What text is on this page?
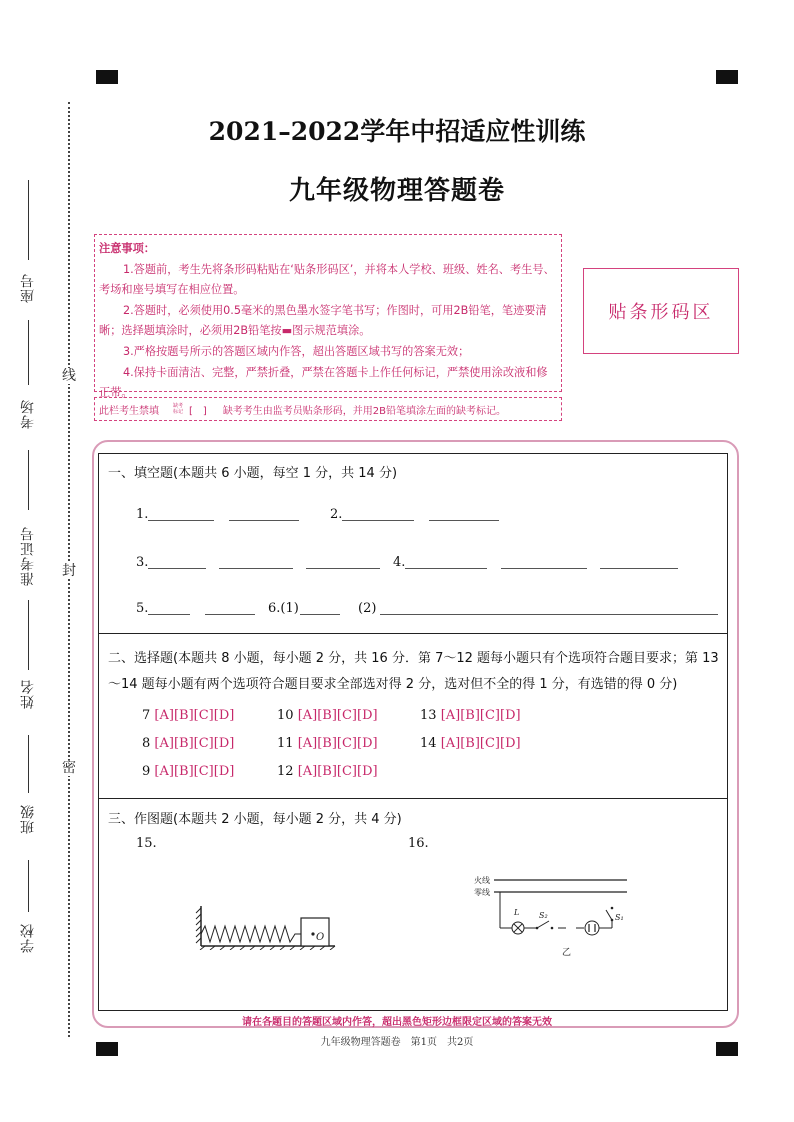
线
封
密
座号
考场
准考证号
姓名
班级
学校
2021–2022学年中招适应性训练
九年级物理答题卷
注意事项：

1.答题前，考生先将条形码粘贴在‘贴条形码区’，并将本人学校、班级、姓名、考生号、考场和座号填写在相应位置。

2.答题时，必须使用0.5毫米的黑色墨水签字笔书写；作图时，可用2B铅笔，笔迹要清晰；选择题填涂时，必须用2B铅笔按▬图示规范填涂。

3.严格按题号所示的答题区域内作答，超出答题区域书写的答案无效；

4.保持卡面清洁、完整，严禁折叠，严禁在答题卡上作任何标记，严禁使用涂改液和修正带。

贴条形码区
此栏考生禁填	缺考标记 [　] 缺考考生由监考员贴条形码，并用2B铅笔填涂左面的缺考标记。
一、填空题(本题共 6 小题，每空 1 分，共 14 分)
1.	2.
3.	4.
5.	6.(1)	(2)
二、选择题(本题共 8 小题，每小题 2 分，共 16 分．第 7～12 题每小题只有个选项符合题目要求；第 13～14 题每小题有两个选项符合题目要求全部选对得 2 分，选对但不全的得 1 分，有选错的得 0 分)
7 [A][B][C][D]	10 [A][B][C][D]	13 [A][B][C][D]
8 [A][B][C][D]	11 [A][B][C][D]	14 [A][B][C][D]
9 [A][B][C][D]	12 [A][B][C][D]
三、作图题(本题共 2 小题，每小题 2 分，共 4 分)
15.	16.
O
火线
零线
L S₂	S₁
乙
请在各题目的答题区域内作答，超出黑色矩形边框限定区域的答案无效
九年级物理答题卷　第1页　共2页
